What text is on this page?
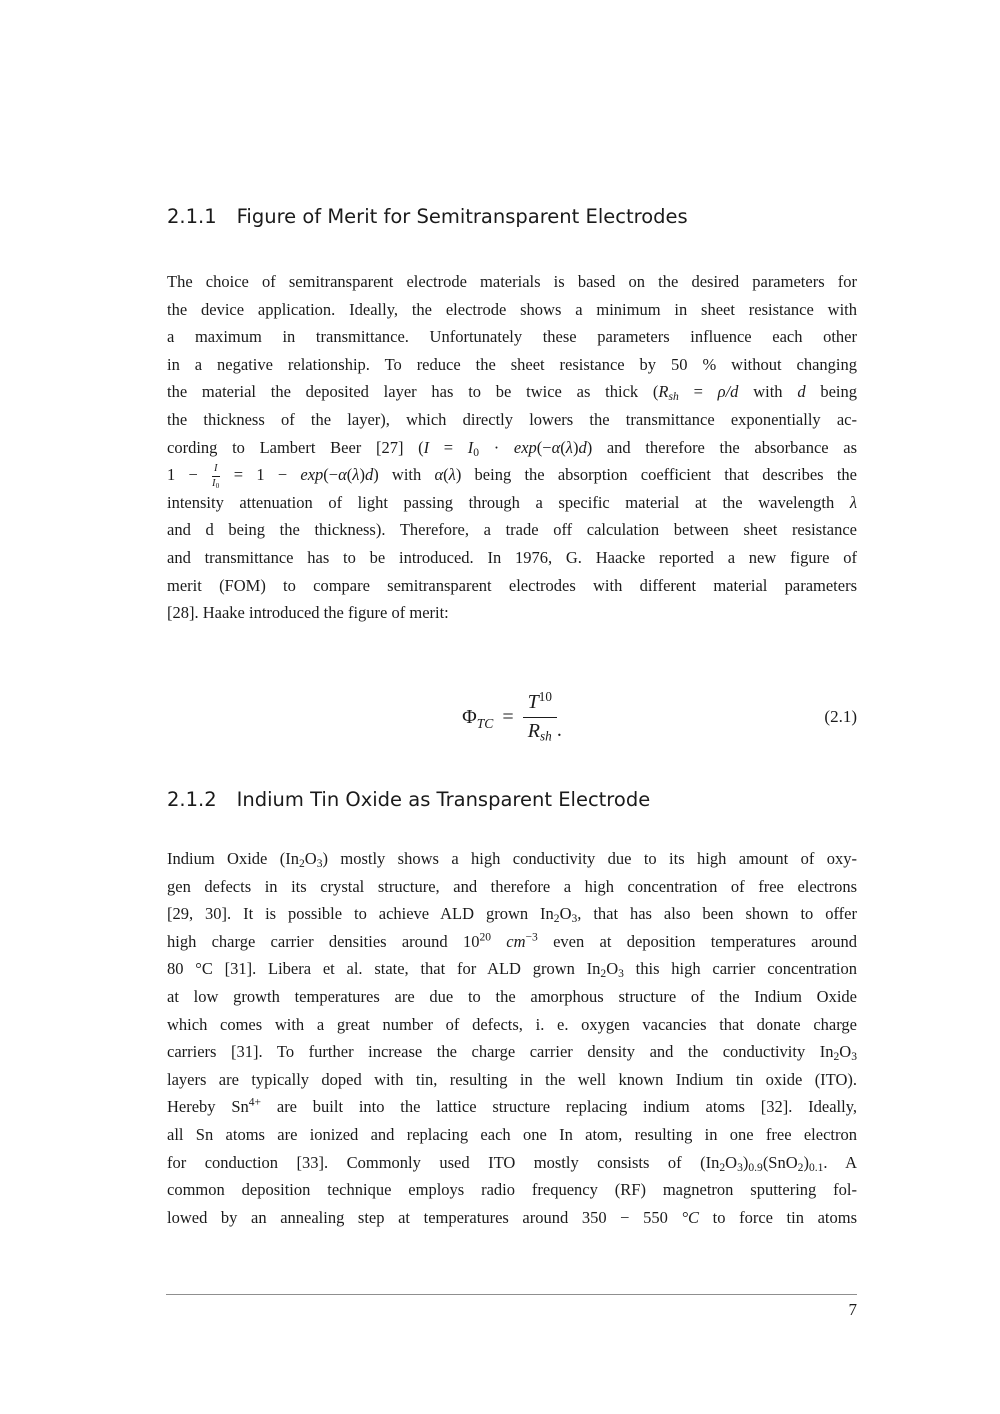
2.1.1 Figure of Merit for Semitransparent Electrodes
The choice of semitransparent electrode materials is based on the desired parameters for
the device application. Ideally, the electrode shows a minimum in sheet resistance with
a maximum in transmittance. Unfortunately these parameters influence each other
in a negative relationship. To reduce the sheet resistance by 50 % without changing
the material the deposited layer has to be twice as thick ($R_{sh} = \rho/d$ with d being
the thickness of the layer), which directly lowers the transmittance exponentially ac-
cording to Lambert Beer [27] ($I = I_0 \cdot \exp(-\alpha(\lambda)d)$ and therefore the absorbance as
$1 - \frac{I}{I_0} = 1 - \exp(-\alpha(\lambda)d)$ with α(λ) being the absorption coefficient that describes the
intensity attenuation of light passing through a specific material at the wavelength λ
and d being the thickness). Therefore, a trade off calculation between sheet resistance
and transmittance has to be introduced. In 1976, G. Haacke reported a new figure of
merit (FOM) to compare semitransparent electrodes with different material parameters
[28]. Haake introduced the figure of merit:
$\Phi_{TC} = \frac{T^{10}}{R_{sh}}$ .
(2.1)
2.1.2 Indium Tin Oxide as Transparent Electrode
Indium Oxide $(In_2O_3)$ mostly shows a high conductivity due to its high amount of oxy-
gen defects in its crystal structure, and therefore a high concentration of free electrons
[29, 30]. It is possible to achieve ALD grown $In_2O_3$, that has also been shown to offer
high charge carrier densities around $10^{20}$ $cm^{-3}$ even at deposition temperatures around
80 °C [31]. Libera et al. state, that for ALD grown $In_2O_3$ this high carrier concentration
at low growth temperatures are due to the amorphous structure of the Indium Oxide
which comes with a great number of defects, i. e. oxygen vacancies that donate charge
carriers [31]. To further increase the charge carrier density and the conductivity $In_2O_3$
layers are typically doped with tin, resulting in the well known Indium tin oxide (ITO).
Hereby $Sn^{4+}$ are built into the lattice structure replacing indium atoms [32]. Ideally,
all Sn atoms are ionized and replacing each one In atom, resulting in one free electron
for conduction [33]. Commonly used ITO mostly consists of $(In_2O_3)_{0.9}(SnO_2)_{0.1}$. A
common deposition technique employs radio frequency (RF) magnetron sputtering fol-
lowed by an annealing step at temperatures around 350 − 550 °C to force tin atoms
7
